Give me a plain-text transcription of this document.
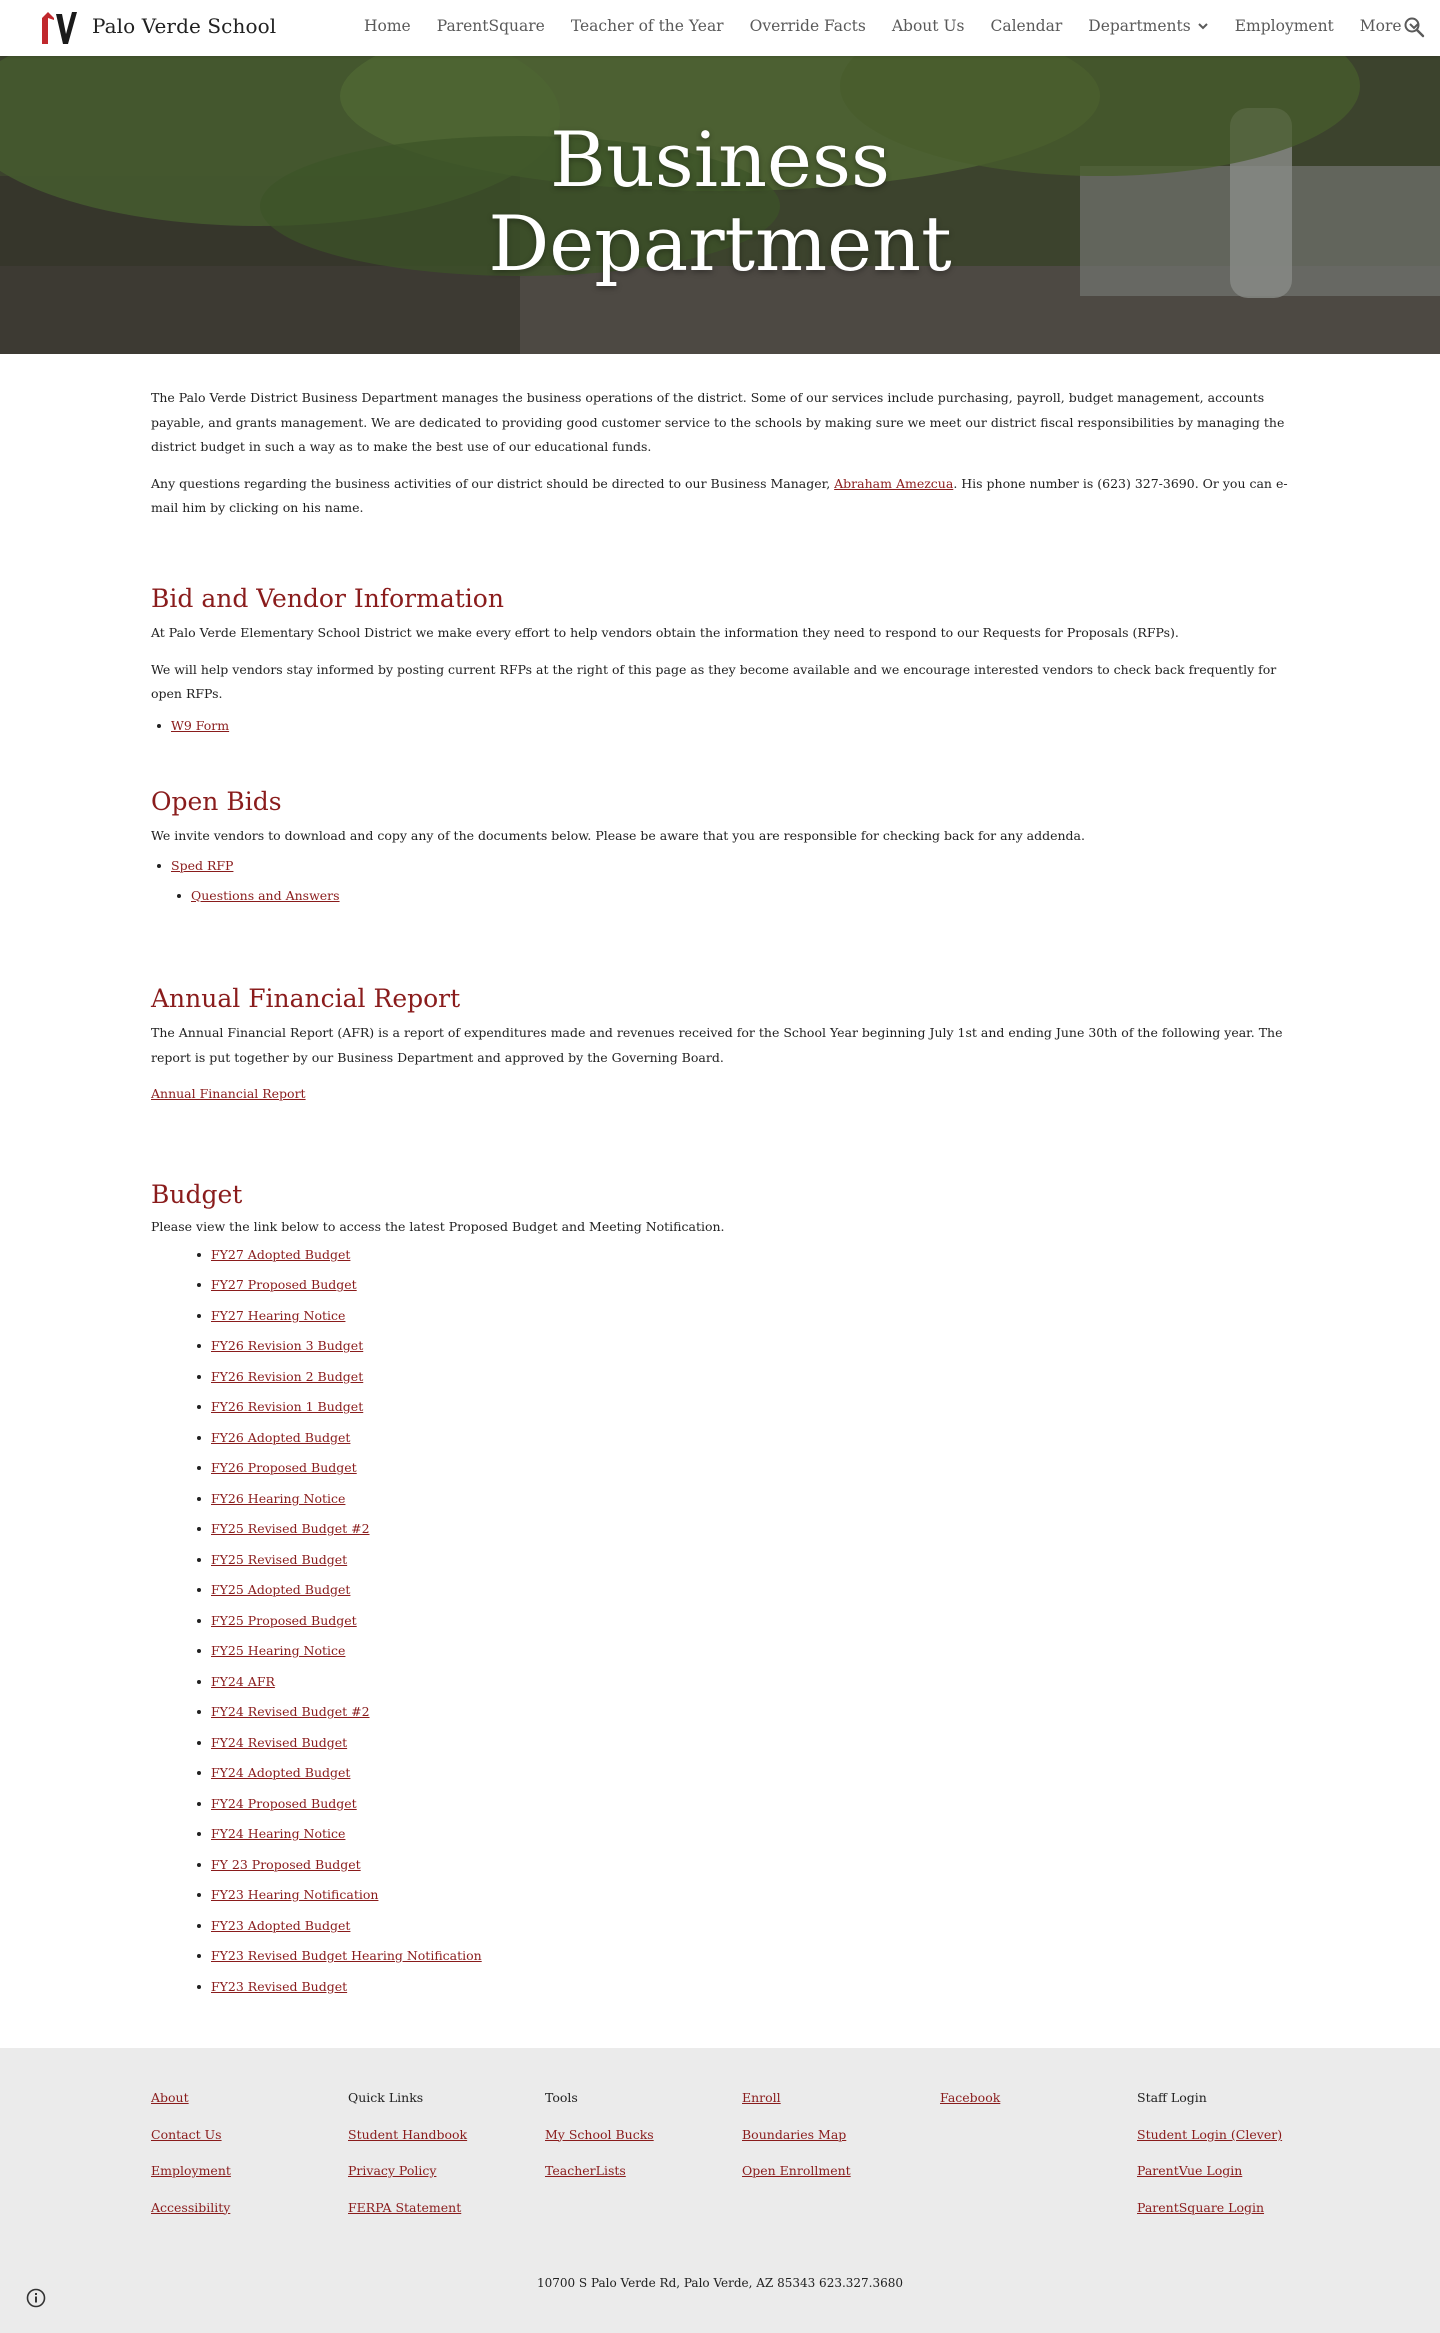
Palo Verde School	Home ParentSquare Teacher of the Year Override Facts About Us Calendar Departments	Employment More
Business
Department

The Palo Verde District Business Department manages the business operations of the district. Some of our services include purchasing, payroll, budget management, accounts payable, and grants management. We are dedicated to providing good customer service to the schools by making sure we meet our district fiscal responsibilities by managing the district budget in such a way as to make the best use of our educational funds.

Any questions regarding the business activities of our district should be directed to our Business Manager, Abraham Amezcua. His phone number is (623) 327-3690. Or you can e-mail him by clicking on his name.

Bid and Vendor Information

At Palo Verde Elementary School District we make every effort to help vendors obtain the information they need to respond to our Requests for Proposals (RFPs).

We will help vendors stay informed by posting current RFPs at the right of this page as they become available and we encourage interested vendors to check back frequently for open RFPs.

W9 Form
Open Bids

We invite vendors to download and copy any of the documents below. Please be aware that you are responsible for checking back for any addenda.

Sped RFP
Questions and Answers
Annual Financial Report

The Annual Financial Report (AFR) is a report of expenditures made and revenues received for the School Year beginning July 1st and ending June 30th of the following year. The report is put together by our Business Department and approved by the Governing Board.

Annual Financial Report

Budget

Please view the link below to access the latest Proposed Budget and Meeting Notification.

FY27 Adopted Budget
FY27 Proposed Budget
FY27 Hearing Notice
FY26 Revision 3 Budget
FY26 Revision 2 Budget
FY26 Revision 1 Budget
FY26 Adopted Budget
FY26 Proposed Budget
FY26 Hearing Notice
FY25 Revised Budget #2
FY25 Revised Budget
FY25 Adopted Budget
FY25 Proposed Budget
FY25 Hearing Notice
FY24 AFR
FY24 Revised Budget #2
FY24 Revised Budget
FY24 Adopted Budget
FY24 Proposed Budget
FY24 Hearing Notice
FY 23 Proposed Budget
FY23 Hearing Notification
FY23 Adopted Budget
FY23 Revised Budget Hearing Notification
FY23 Revised Budget
About
Contact Us
Employment
Accessibility
Quick Links
Student Handbook
Privacy Policy
FERPA Statement
Tools
My School Bucks
TeacherLists
Enroll
Boundaries Map
Open Enrollment
Facebook	Staff Login
Student Login (Clever)
ParentVue Login
ParentSquare Login
10700 S Palo Verde Rd, Palo Verde, AZ 85343 623.327.3680
